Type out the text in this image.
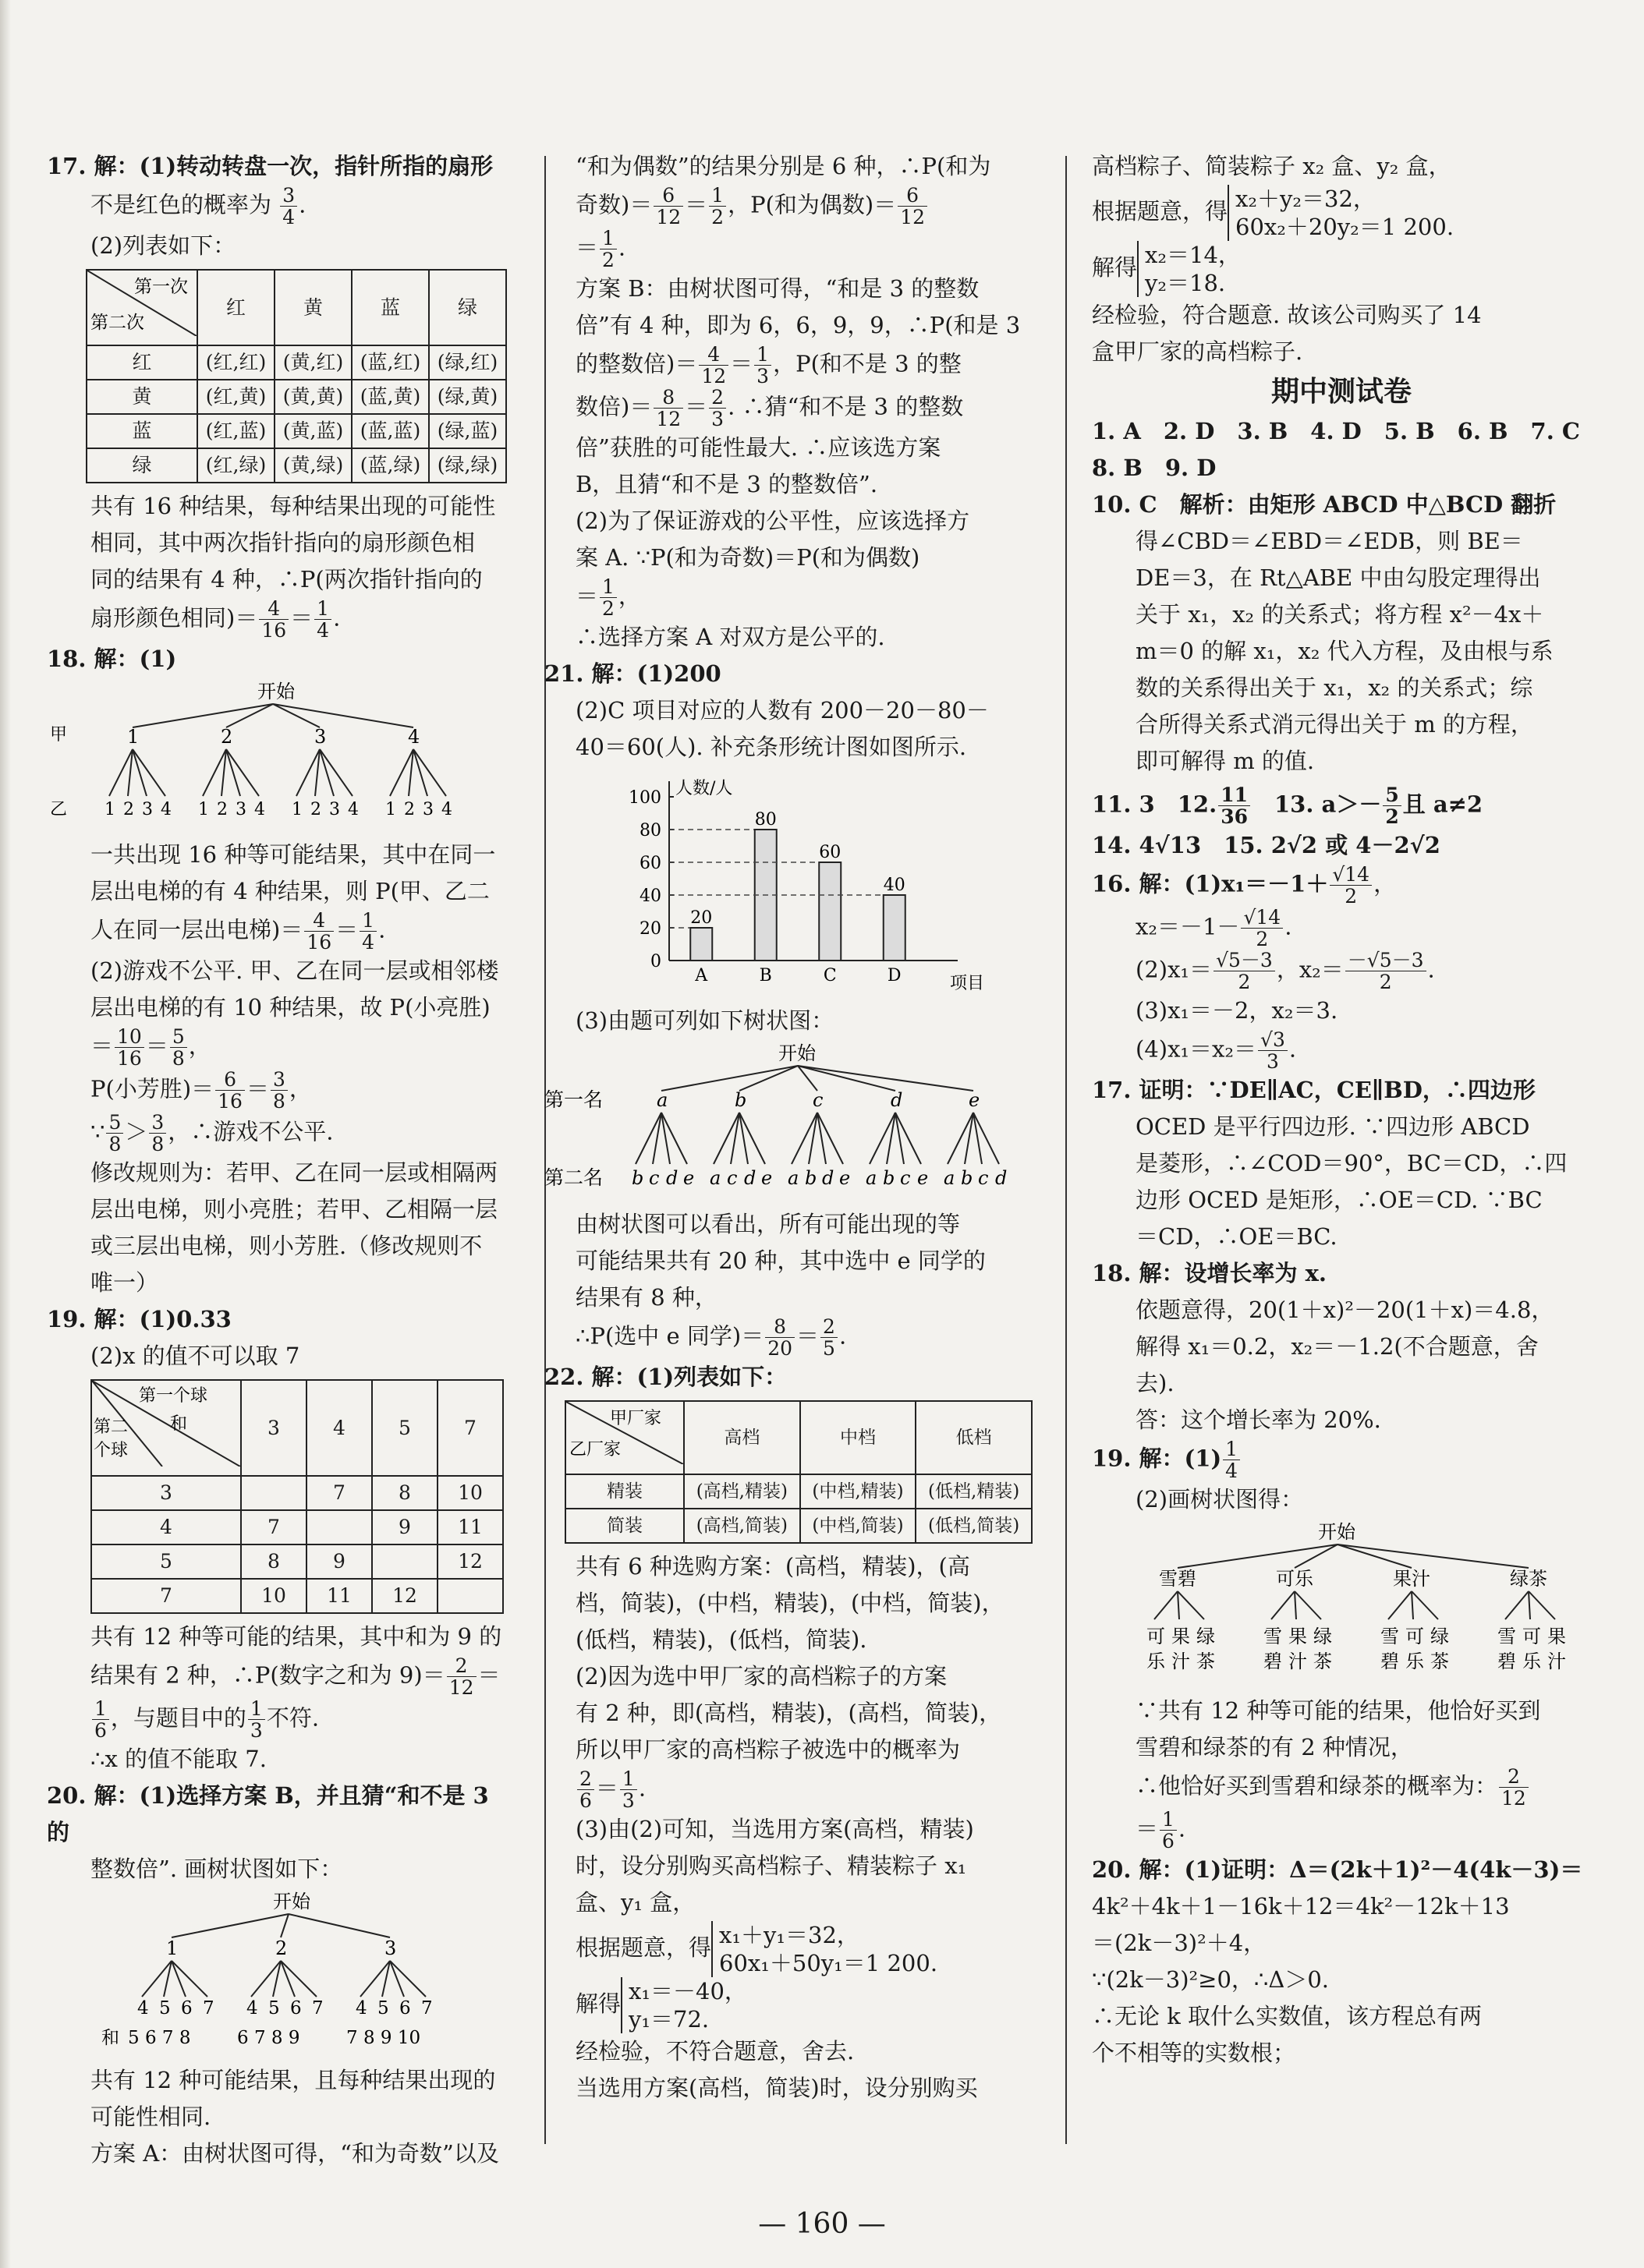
17. 解：(1)转动转盘一次，指针所指的扇形

不是红色的概率为 $\frac{3}{4}$ .

(2)列表如下：

第一次
第二次	红	黄	蓝	绿
红	(红,红)	(黄,红)	(蓝,红)	(绿,红)
黄	(红,黄)	(黄,黄)	(蓝,黄)	(绿,黄)
蓝	(红,蓝)	(黄,蓝)	(蓝,蓝)	(绿,蓝)
绿	(红,绿)	(黄,绿)	(蓝,绿)	(绿,绿)

共有 16 种结果，每种结果出现的可能性

相同，其中两次指针指向的扇形颜色相

同的结果有 4 种，∴P(两次指针指向的

扇形颜色相同)＝ $\frac{4}{16} = \frac{1}{4}$ .

18. 解：(1)

开始
甲
乙
1
1 2 3 4
2
1 2 3 4
3
1 2 3 4
4
1 2 3 4

一共出现 16 种等可能结果，其中在同一

层出电梯的有 4 种结果，则 P(甲、乙二

人在同一层出电梯)＝ $\frac{4}{16} = \frac{1}{4}$ .

(2)游戏不公平. 甲、乙在同一层或相邻楼

层出电梯的有 10 种结果，故 P(小亮胜)

＝ $\frac{10}{16} = \frac{5}{8}$ ，

P(小芳胜)＝ $\frac{6}{16} = \frac{3}{8}$ ，

∵ $\frac{5}{8} > \frac{3}{8}$ ，∴游戏不公平.

修改规则为：若甲、乙在同一层或相隔两

层出电梯，则小亮胜；若甲、乙相隔一层

或三层出电梯，则小芳胜.（修改规则不

唯一）

19. 解：(1)0.33

(2)x 的值不可以取 7

第一个球
和
第二
个球	3	4	5	7
3		7	8	10
4	7		9	11
5	8	9		12
7	10	11	12	

共有 12 种等可能的结果，其中和为 9 的

结果有 2 种，∴P(数字之和为 $9)= \frac{2}{12}$ ＝

$\frac{1}{6}$ ，与题目中的 $\frac{1}{3}$ 不符.

∴x 的值不能取 7.

20. 解：(1)选择方案 B，并且猜“和不是 3 的

整数倍”. 画树状图如下：

开始
1
4 5 6 7
5 6 7 8
2
4 5 6 7
6 7 8 9
3
4 5 6 7
7 8 9 10
和

共有 12 种可能结果，且每种结果出现的

可能性相同.

方案 A：由树状图可得，“和为奇数”以及

“和为偶数”的结果分别是 6 种，∴P(和为

奇数)＝ $\frac{6}{12} = \frac{1}{2}$ ，P(和为偶数)＝ $\frac{6}{12}$

＝ $\frac{1}{2}$ .

方案 B：由树状图可得，“和是 3 的整数

倍”有 4 种，即为 6，6，9，9，∴P(和是 3

的整数倍)＝ $\frac{4}{12} = \frac{1}{3}$ ，P(和不是 3 的整

数倍)＝ $\frac{8}{12} = \frac{2}{3}$ . ∴猜“和不是 3 的整数

倍”获胜的可能性最大. ∴应该选方案

B，且猜“和不是 3 的整数倍”.

(2)为了保证游戏的公平性，应该选择方

案 A. ∵P(和为奇数)＝P(和为偶数)

＝ $\frac{1}{2}$ ，

∴选择方案 A 对双方是公平的.

21. 解：(1)200

(2)C 项目对应的人数有 200－20－80－

40＝60(人). 补充条形统计图如图所示.

人数/人
项目
0
20
40
60
80
100
20
A
80
B
60
C
40
D

(3)由题可列如下树状图：

开始
第一名
第二名
a
b c d e
b
a c d e
c
a b d e
d
a b c e
e
a b c d

由树状图可以看出，所有可能出现的等

可能结果共有 20 种，其中选中 e 同学的

结果有 8 种，

∴P(选中 e 同学)＝ $\frac{8}{20} = \frac{2}{5}$ .

22. 解：(1)列表如下：

甲厂家
乙厂家	高档	中档	低档
精装	(高档,精装)	(中档,精装)	(低档,精装)
简装	(高档,简装)	(中档,简装)	(低档,简装)

共有 6 种选购方案：(高档，精装)，(高

档，简装)，(中档，精装)，(中档，简装)，

(低档，精装)，(低档，简装).

(2)因为选中甲厂家的高档粽子的方案

有 2 种，即(高档，精装)，(高档，简装)，

所以甲厂家的高档粽子被选中的概率为

$\frac{2}{6} = \frac{1}{3}$ .

(3)由(2)可知，当选用方案(高档，精装)

时，设分别购买高档粽子、精装粽子 x₁

盒、y₁ 盒，

根据题意，得 x₁＋y₁＝32，
60x₁＋50y₁＝1 200.

解得 x₁＝－40，
y₁＝72.

经检验，不符合题意，舍去.

当选用方案(高档，简装)时，设分别购买

高档粽子、简装粽子 x₂ 盒、y₂ 盒，

根据题意，得 x₂＋y₂＝32，
60x₂＋20y₂＝1 200.

解得 x₂＝14，
y₂＝18.

经检验，符合题意. 故该公司购买了 14

盒甲厂家的高档粽子.

期中测试卷

1. A　2. D　3. B　4. D　5. B　6. B　7. C

8. B　9. D

10. C　解析：由矩形 ABCD 中△BCD 翻折

得∠CBD＝∠EBD＝∠EDB，则 BE＝

DE＝3，在 Rt△ABE 中由勾股定理得出

关于 x₁，x₂ 的关系式；将方程 x²－4x＋

m＝0 的解 x₁，x₂ 代入方程，及由根与系

数的关系得出关于 x₁，x₂ 的关系式；综

合所得关系式消元得出关于 m 的方程，

即可解得 m 的值.

11. 3　12. $\frac{11}{36}$
　 13. $a>- \frac{5}{2}$ 且 a≠2

14. 4√13　15. 2√2 或 4－2√2

16. 解：$(1)x_1=-1+ \frac{√14}{2}$ ，

$x_2=-1- \frac{√14}{2}$ .

$(2)x_1= \frac{√5-3}{2}$ ，$x_2= \frac{-√5-3}{2}$ .

(3)x₁＝－2，x₂＝3.

$(4)x_1=x_2= \frac{√3}{3}$ .

17. 证明：∵DE∥AC，CE∥BD，∴四边形

OCED 是平行四边形. ∵四边形 ABCD

是菱形，∴∠COD＝90°，BC＝CD，∴四

边形 OCED 是矩形，∴OE＝CD. ∵BC

＝CD，∴OE＝BC.

18. 解：设增长率为 x.

依题意得，20(1＋x)²－20(1＋x)＝4.8，

解得 x₁＝0.2，x₂＝－1.2(不合题意，舍

去).

答：这个增长率为 20%.

19. 解：$(1) \frac{1}{4}$

(2)画树状图得：

开始
雪碧
可
乐
果
汁
绿
茶
可乐
雪
碧
果
汁
绿
茶
果汁
雪
碧
可
乐
绿
茶
绿茶
雪
碧
可
乐
果
汁

∵共有 12 种等可能的结果，他恰好买到

雪碧和绿茶的有 2 种情况，

∴他恰好买到雪碧和绿茶的概率为： $\frac{2}{12}$

＝ $\frac{1}{6}$ .

20. 解：(1)证明：Δ＝(2k＋1)²－4(4k－3)＝

4k²＋4k＋1－16k＋12＝4k²－12k＋13

＝(2k－3)²＋4，

∵(2k－3)²≥0，∴Δ＞0.

∴无论 k 取什么实数值，该方程总有两

个不相等的实数根；

— 160 —
